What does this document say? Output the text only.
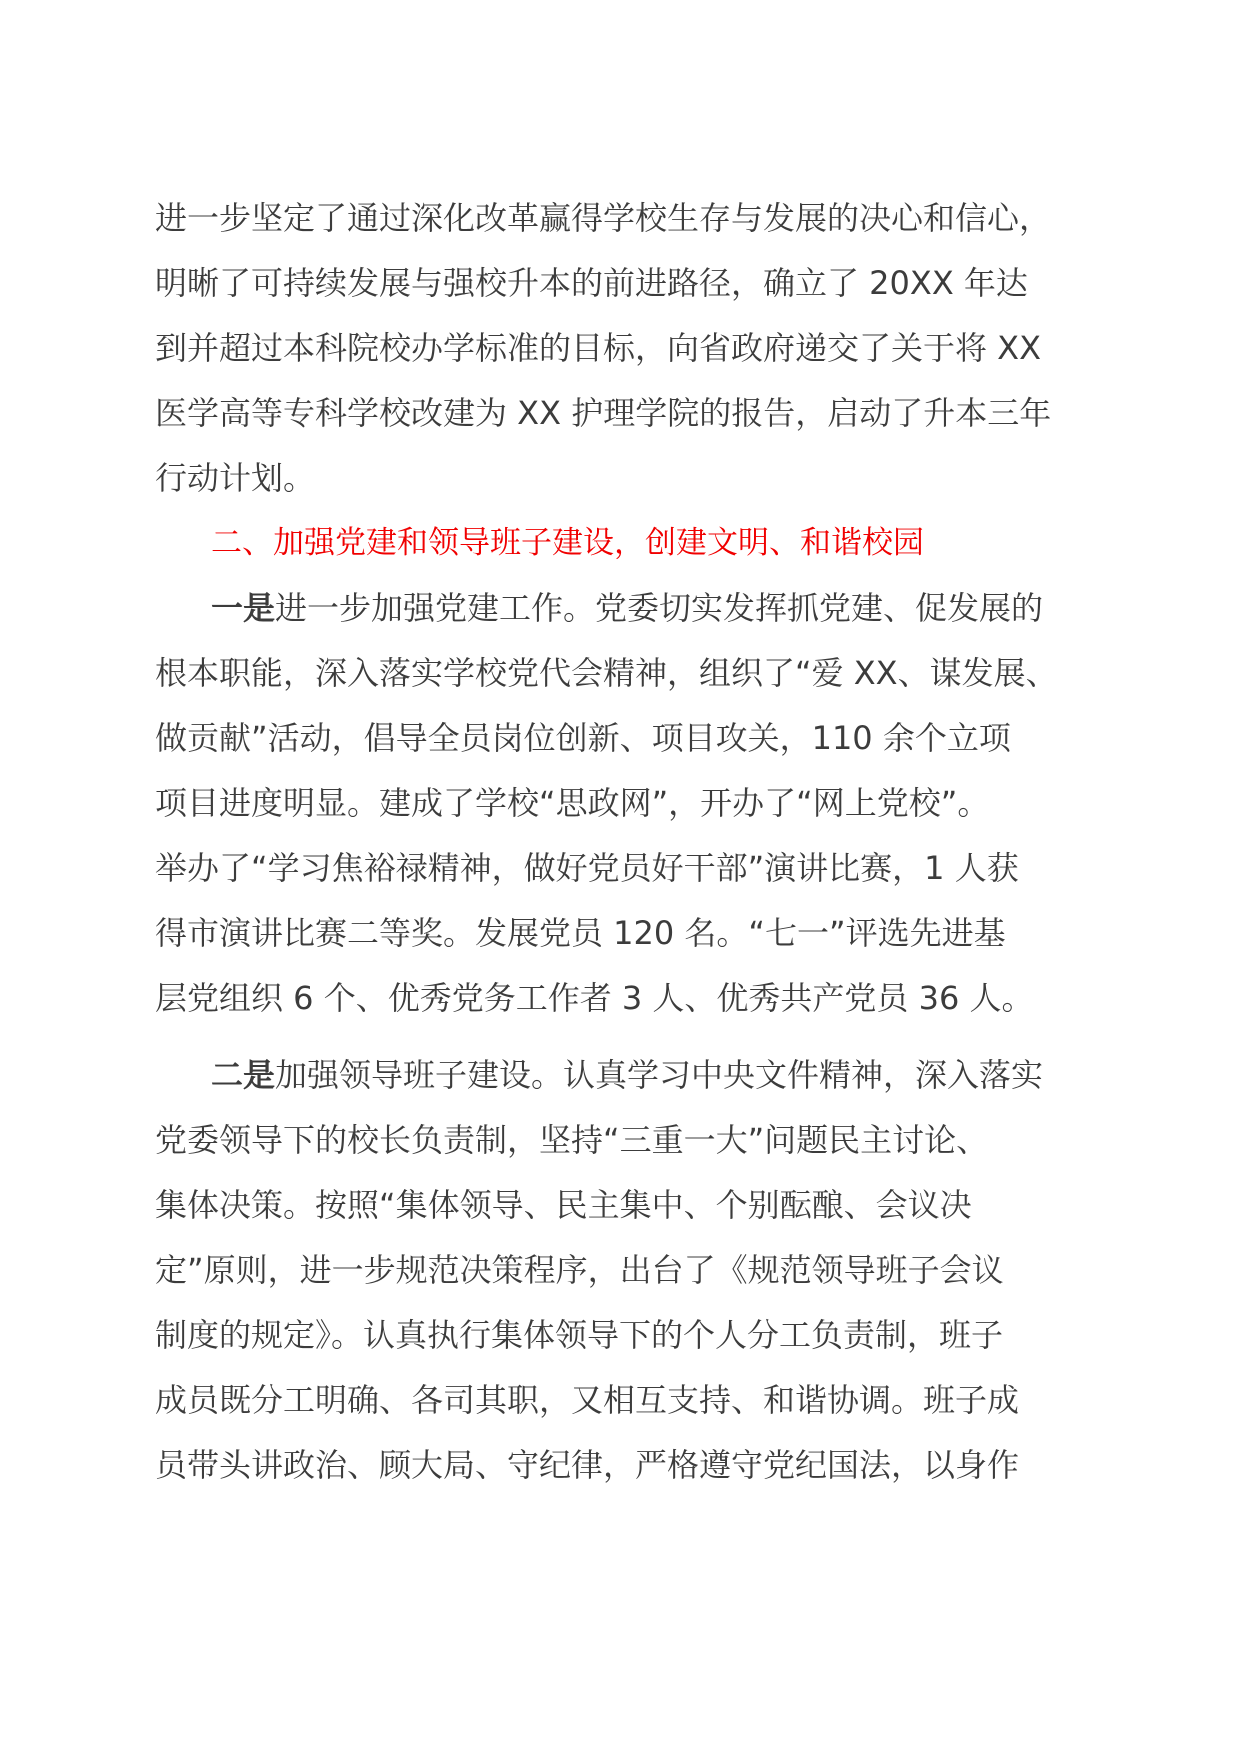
进一步坚定了通过深化改革赢得学校生存与发展的决心和信心，
明晰了可持续发展与强校升本的前进路径，确立了 20XX 年达
到并超过本科院校办学标准的目标，向省政府递交了关于将 XX
医学高等专科学校改建为 XX 护理学院的报告，启动了升本三年
行动计划。
二、加强党建和领导班子建设，创建文明、和谐校园
一是进一步加强党建工作。党委切实发挥抓党建、促发展的
根本职能，深入落实学校党代会精神，组织了“爱 XX、谋发展、
做贡献”活动，倡导全员岗位创新、项目攻关，110 余个立项
项目进度明显。建成了学校“思政网”，开办了“网上党校”。
举办了“学习焦裕禄精神，做好党员好干部”演讲比赛，1 人获
得市演讲比赛二等奖。发展党员 120 名。“七一”评选先进基
层党组织 6 个、优秀党务工作者 3 人、优秀共产党员 36 人。
二是加强领导班子建设。认真学习中央文件精神，深入落实
党委领导下的校长负责制，坚持“三重一大”问题民主讨论、
集体决策。按照“集体领导、民主集中、个别酝酿、会议决
定”原则，进一步规范决策程序，出台了《规范领导班子会议
制度的规定》。认真执行集体领导下的个人分工负责制，班子
成员既分工明确、各司其职，又相互支持、和谐协调。班子成
员带头讲政治、顾大局、守纪律，严格遵守党纪国法，以身作
